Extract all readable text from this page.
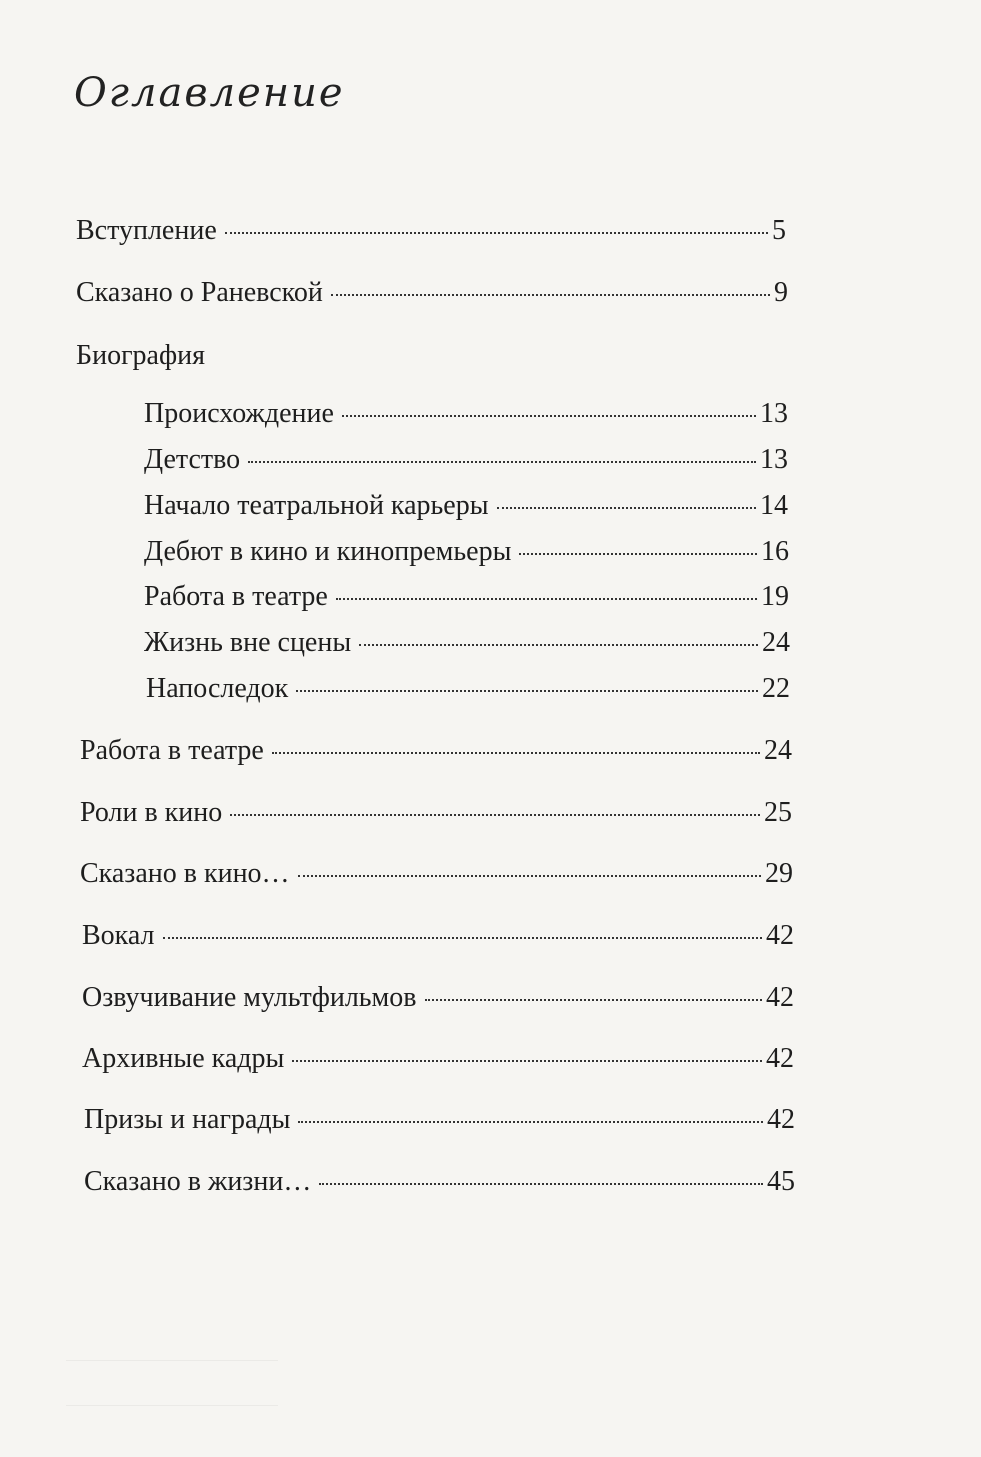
Оглавление
Вступление	5
Сказано о Раневской	9
Биография
Происхождение	13
Детство	13
Начало театральной карьеры	14
Дебют в кино и кинопремьеры	16
Работа в театре	19
Жизнь вне сцены	24
Напоследок	22
Работа в театре	24
Роли в кино	25
Сказано в кино…	29
Вокал	42
Озвучивание мультфильмов	42
Архивные кадры	42
Призы и награды	42
Сказано в жизни…	45
